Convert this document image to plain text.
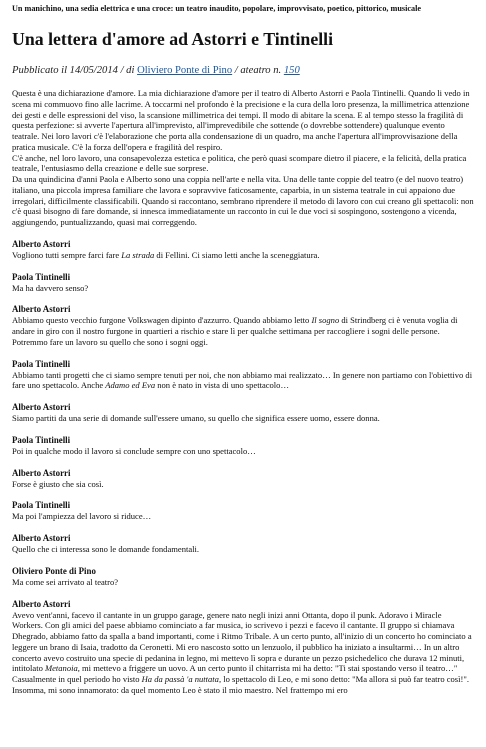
Un manichino, una sedia elettrica e una croce: un teatro inaudito, popolare, improvvisato, poetico, pittorico, musicale
Una lettera d'amore ad Astorri e Tintinelli
Pubblicato il 14/05/2014 / di Oliviero Ponte di Pino / ateatro n. 150

Questa è una dichiarazione d'amore. La mia dichiarazione d'amore per il teatro di Alberto Astorri e Paola Tintinelli. Quando li vedo in scena mi commuovo fino alle lacrime. A toccarmi nel profondo è la precisione e la cura della loro presenza, la millimetrica attenzione dei gesti e delle espressioni del viso, la scansione millimetrica dei tempi. Il modo di abitare la scena. E al tempo stesso la fragilità di questa perfezione: si avverte l'apertura all'imprevisto, all'imprevedibile che sottende (o dovrebbe sottendere) qualunque evento teatrale. Nei loro lavori c'è l'elaborazione che porta alla condensazione di un quadro, ma anche l'apertura all'improvvisazione della pratica musicale. C'è la forza dell'opera e fragilità del respiro.

C'è anche, nel loro lavoro, una consapevolezza estetica e politica, che però quasi scompare dietro il piacere, e la felicità, della pratica teatrale, l'entusiasmo della creazione e delle sue sorprese.

Da una quindicina d'anni Paola e Alberto sono una coppia nell'arte e nella vita. Una delle tante coppie del teatro (e del nuovo teatro) italiano, una piccola impresa familiare che lavora e sopravvive faticosamente, caparbia, in un sistema teatrale in cui appaiono due irregolari, difficilmente classificabili. Quando si raccontano, sembrano riprendere il metodo di lavoro con cui creano gli spettacoli: non c'è quasi bisogno di fare domande, si innesca immediatamente un racconto in cui le due voci si sospingono, sostengono a vicenda, aggiungendo, puntualizzando, quasi mai correggendo.

Alberto Astorri

Vogliono tutti sempre farci fare La strada di Fellini. Ci siamo letti anche la sceneggiatura.

Paola Tintinelli

Ma ha davvero senso?

Alberto Astorri

Abbiamo questo vecchio furgone Volkswagen dipinto d'azzurro. Quando abbiamo letto Il sogno di Strindberg ci è venuta voglia di andare in giro con il nostro furgone in quartieri a rischio e stare lì per qualche settimana per raccogliere i sogni delle persone. Potremmo fare un lavoro su quello che sono i sogni oggi.

Paola Tintinelli

Abbiamo tanti progetti che ci siamo sempre tenuti per noi, che non abbiamo mai realizzato… In genere non partiamo con l'obiettivo di fare uno spettacolo. Anche Adamo ed Eva non è nato in vista di uno spettacolo…

Alberto Astorri

Siamo partiti da una serie di domande sull'essere umano, su quello che significa essere uomo, essere donna.

Paola Tintinelli

Poi in qualche modo il lavoro si conclude sempre con uno spettacolo…

Alberto Astorri

Forse è giusto che sia così.

Paola Tintinelli

Ma poi l'ampiezza del lavoro si riduce…

Alberto Astorri

Quello che ci interessa sono le domande fondamentali.

Oliviero Ponte di Pino

Ma come sei arrivato al teatro?

Alberto Astorri

Avevo vent'anni, facevo il cantante in un gruppo garage, genere nato negli inizi anni Ottanta, dopo il punk. Adoravo i Miracle Workers. Con gli amici del paese abbiamo cominciato a far musica, io scrivevo i pezzi e facevo il cantante. Il gruppo si chiamava Dhegrado, abbiamo fatto da spalla a band importanti, come i Ritmo Tribale. A un certo punto, all'inizio di un concerto ho cominciato a leggere un brano di Isaia, tradotto da Ceronetti. Mi ero nascosto sotto un lenzuolo, il pubblico ha iniziato a insultarmi… In un altro concerto avevo costruito una specie di pedanina in legno, mi mettevo lì sopra e durante un pezzo psichedelico che durava 12 minuti, intitolato Metanoia, mi mettevo a friggere un uovo. A un certo punto il chitarrista mi ha detto: "Ti stai spostando verso il teatro…"
Casualmente in quel periodo ho visto Ha da passà 'a nuttata, lo spettacolo di Leo, e mi sono detto: "Ma allora si può far teatro così!". Insomma, mi sono innamorato: da quel momento Leo è stato il mio maestro. Nel frattempo mi ero
